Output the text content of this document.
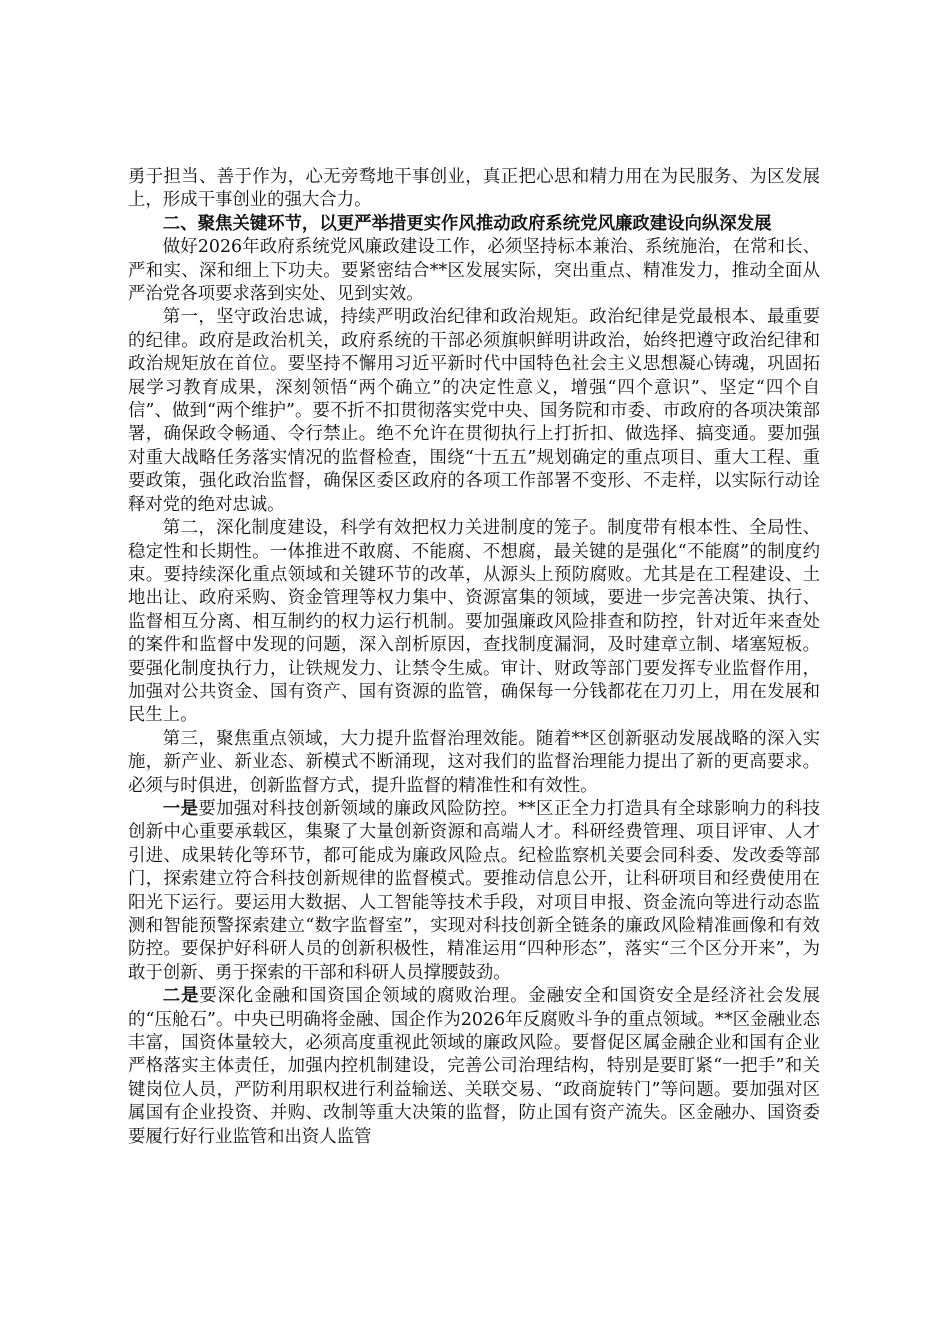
勇于担当、善于作为，心无旁骛地干事创业，真正把心思和精力用在为民服务、为区发展上，形成干事创业的强大合力。

二、聚焦关键环节，以更严举措更实作风推动政府系统党风廉政建设向纵深发展

做好2026年政府系统党风廉政建设工作，必须坚持标本兼治、系统施治，在常和长、严和实、深和细上下功夫。要紧密结合**区发展实际，突出重点、精准发力，推动全面从严治党各项要求落到实处、见到实效。

第一，坚守政治忠诚，持续严明政治纪律和政治规矩。政治纪律是党最根本、最重要的纪律。政府是政治机关，政府系统的干部必须旗帜鲜明讲政治，始终把遵守政治纪律和政治规矩放在首位。要坚持不懈用习近平新时代中国特色社会主义思想凝心铸魂，巩固拓展学习教育成果，深刻领悟“两个确立”的决定性意义，增强“四个意识”、坚定“四个自信”、做到“两个维护”。要不折不扣贯彻落实党中央、国务院和市委、市政府的各项决策部署，确保政令畅通、令行禁止。绝不允许在贯彻执行上打折扣、做选择、搞变通。要加强对重大战略任务落实情况的监督检查，围绕“十五五”规划确定的重点项目、重大工程、重要政策，强化政治监督，确保区委区政府的各项工作部署不变形、不走样，以实际行动诠释对党的绝对忠诚。

第二，深化制度建设，科学有效把权力关进制度的笼子。制度带有根本性、全局性、稳定性和长期性。一体推进不敢腐、不能腐、不想腐，最关键的是强化“不能腐”的制度约束。要持续深化重点领域和关键环节的改革，从源头上预防腐败。尤其是在工程建设、土地出让、政府采购、资金管理等权力集中、资源富集的领域，要进一步完善决策、执行、监督相互分离、相互制约的权力运行机制。要加强廉政风险排查和防控，针对近年来查处的案件和监督中发现的问题，深入剖析原因，查找制度漏洞，及时建章立制、堵塞短板。要强化制度执行力，让铁规发力、让禁令生威。审计、财政等部门要发挥专业监督作用，加强对公共资金、国有资产、国有资源的监管，确保每一分钱都花在刀刃上，用在发展和民生上。

第三，聚焦重点领域，大力提升监督治理效能。随着**区创新驱动发展战略的深入实施，新产业、新业态、新模式不断涌现，这对我们的监督治理能力提出了新的更高要求。必须与时俱进，创新监督方式，提升监督的精准性和有效性。

一是要加强对科技创新领域的廉政风险防控。**区正全力打造具有全球影响力的科技创新中心重要承载区，集聚了大量创新资源和高端人才。科研经费管理、项目评审、人才引进、成果转化等环节，都可能成为廉政风险点。纪检监察机关要会同科委、发改委等部门，探索建立符合科技创新规律的监督模式。要推动信息公开，让科研项目和经费使用在阳光下运行。要运用大数据、人工智能等技术手段，对项目申报、资金流向等进行动态监测和智能预警探索建立“数字监督室”，实现对科技创新全链条的廉政风险精准画像和有效防控。要保护好科研人员的创新积极性，精准运用“四种形态”，落实“三个区分开来”，为敢于创新、勇于探索的干部和科研人员撑腰鼓劲。

二是要深化金融和国资国企领域的腐败治理。金融安全和国资安全是经济社会发展的“压舱石”。中央已明确将金融、国企作为2026年反腐败斗争的重点领域。**区金融业态丰富，国资体量较大，必须高度重视此领域的廉政风险。要督促区属金融企业和国有企业严格落实主体责任，加强内控机制建设，完善公司治理结构，特别是要盯紧“一把手”和关键岗位人员，严防利用职权进行利益输送、关联交易、“政商旋转门”等问题。要加强对区属国有企业投资、并购、改制等重大决策的监督，防止国有资产流失。区金融办、国资委要履行好行业监管和出资人监管
